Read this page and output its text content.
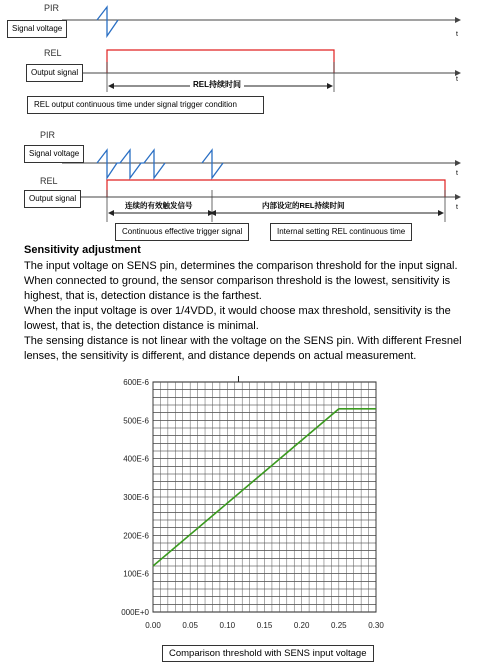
PIR
Signal voltage
t
REL
Output signal
t
REL持续时间
REL output continuous time under signal trigger condition
PIR
Signal voltage
t
REL
Output signal
t
连续的有效触发信号	内部设定的REL持续时间
Continuous effective trigger signal	Internal setting REL continuous time
Sensitivity adjustment
The input voltage on SENS pin, determines the comparison threshold for the input signal. When connected to ground, the sensor comparison threshold is the lowest, sensitivity is highest, that is, detection distance is the farthest.
When the input voltage is over 1/4VDD, it would choose max threshold, sensitivity is the lowest, that is, the detection distance is minimal.
The sensing distance is not linear with the voltage on the SENS pin. With different Fresnel lenses, the sensitivity is different, and distance depends on actual measurement.
000E+0
100E-6
200E-6
300E-6
400E-6
500E-6
600E-6
0.00	0.05	0.10	0.15	0.20	0.25	0.30
Comparison threshold with SENS input voltage
